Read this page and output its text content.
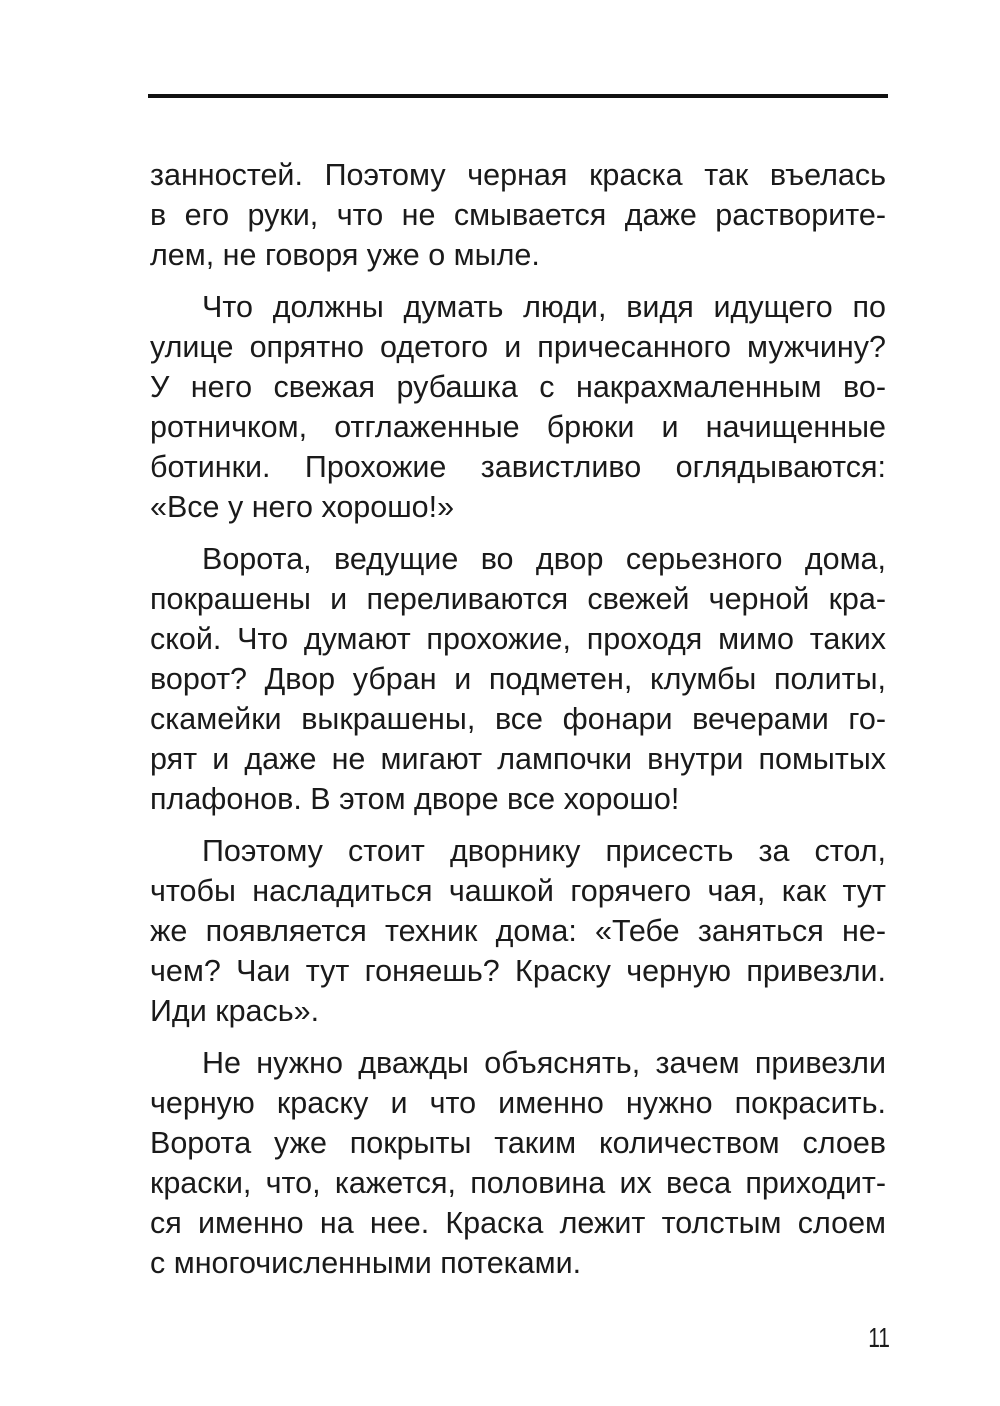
занностей. Поэтому черная краска так въелась
в его руки, что не смывается даже растворите-
лем, не говоря уже о мыле.
Что должны думать люди, видя идущего по
улице опрятно одетого и причесанного мужчину?
У него свежая рубашка с накрахмаленным во-
ротничком, отглаженные брюки и начищенные
ботинки. Прохожие завистливо оглядываются:
«Все у него хорошо!»
Ворота, ведущие во двор серьезного дома,
покрашены и переливаются свежей черной кра-
ской. Что думают прохожие, проходя мимо таких
ворот? Двор убран и подметен, клумбы политы,
скамейки выкрашены, все фонари вечерами го-
рят и даже не мигают лампочки внутри помытых
плафонов. В этом дворе все хорошо!
Поэтому стоит дворнику присесть за стол,
чтобы насладиться чашкой горячего чая, как тут
же появляется техник дома: «Тебе заняться не-
чем? Чаи тут гоняешь? Краску черную привезли.
Иди крась».
Не нужно дважды объяснять, зачем привезли
черную краску и что именно нужно покрасить.
Ворота уже покрыты таким количеством слоев
краски, что, кажется, половина их веса приходит-
ся именно на нее. Краска лежит толстым слоем
с многочисленными потеками.
11
